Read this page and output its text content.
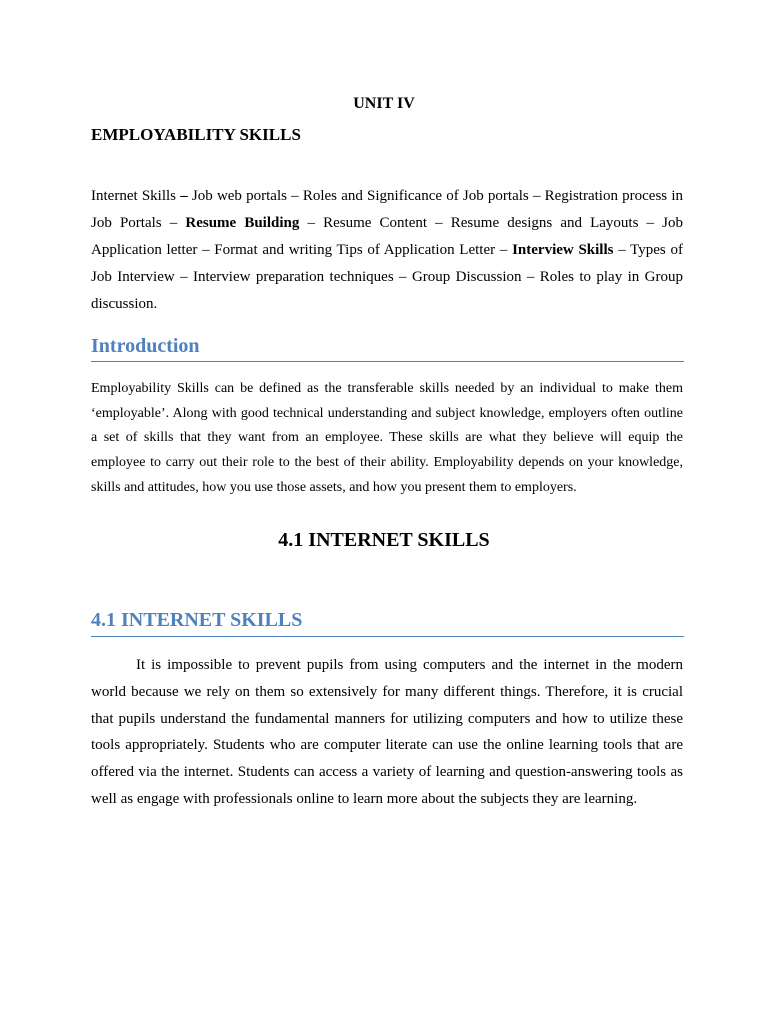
UNIT IV
EMPLOYABILITY SKILLS

Internet Skills – Job web portals – Roles and Significance of Job portals – Registration process in Job Portals – Resume Building – Resume Content – Resume designs and Layouts – Job Application letter – Format and writing Tips of Application Letter – Interview Skills – Types of Job Interview – Interview preparation techniques – Group Discussion – Roles to play in Group discussion.

Introduction

Employability Skills can be defined as the transferable skills needed by an individual to make them ‘employable’. Along with good technical understanding and subject knowledge, employers often outline a set of skills that they want from an employee. These skills are what they believe will equip the employee to carry out their role to the best of their ability. Employability depends on your knowledge, skills and attitudes, how you use those assets, and how you present them to employers.

4.1 INTERNET SKILLS
4.1 INTERNET SKILLS

It is impossible to prevent pupils from using computers and the internet in the modern world because we rely on them so extensively for many different things. Therefore, it is crucial that pupils understand the fundamental manners for utilizing computers and how to utilize these tools appropriately. Students who are computer literate can use the online learning tools that are offered via the internet. Students can access a variety of learning and question-answering tools as well as engage with professionals online to learn more about the subjects they are learning.
